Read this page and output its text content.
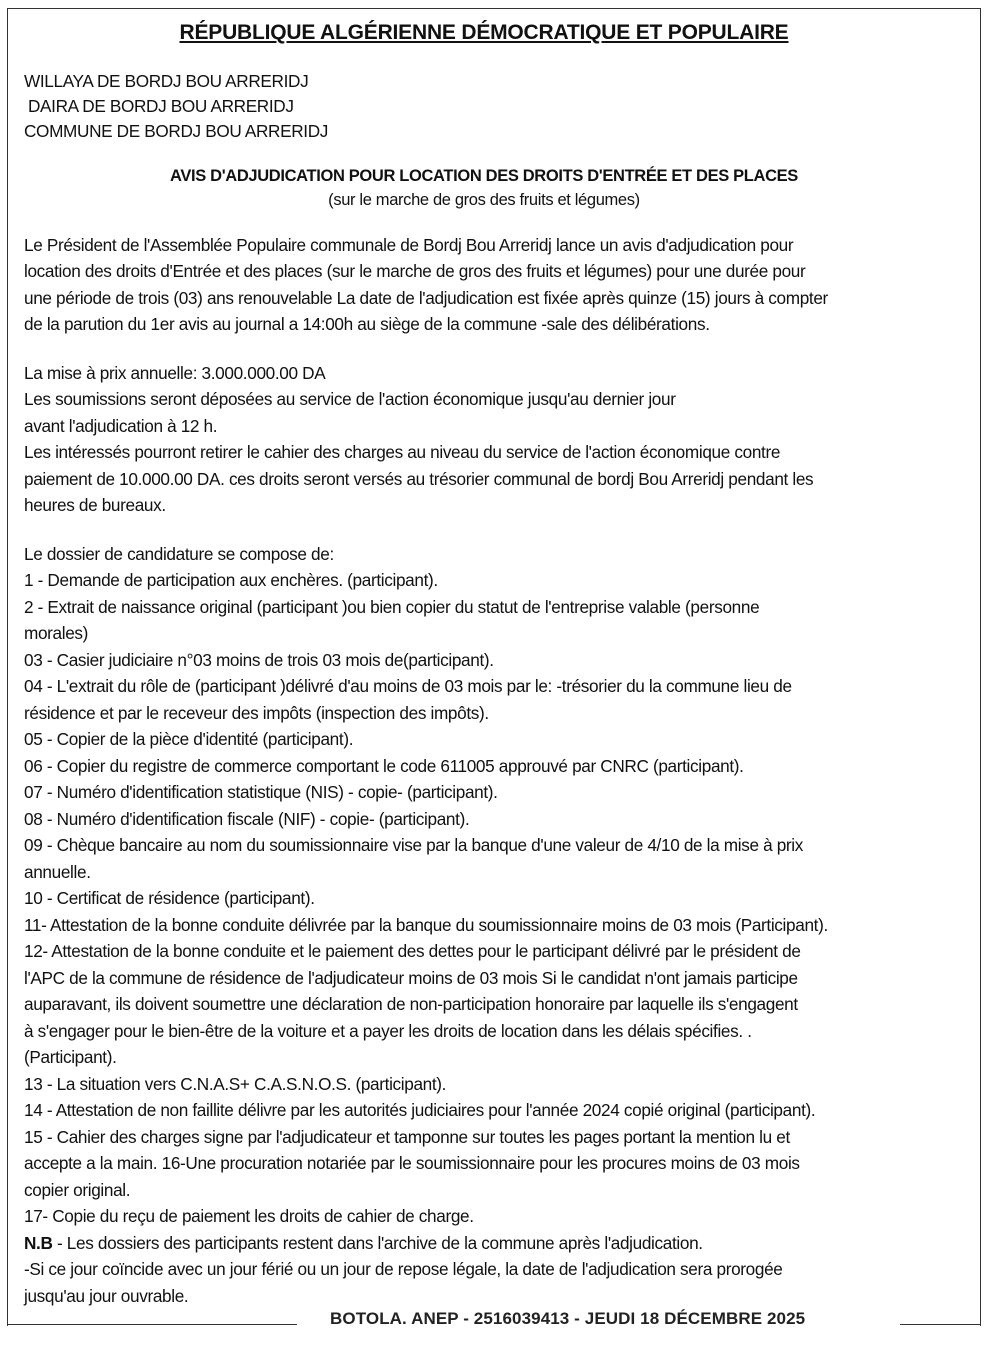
RÉPUBLIQUE ALGÉRIENNE DÉMOCRATIQUE ET POPULAIRE
WILLAYA DE BORDJ BOU ARRERIDJ
DAIRA DE BORDJ BOU ARRERIDJ
COMMUNE DE BORDJ BOU ARRERIDJ
AVIS D'ADJUDICATION POUR LOCATION DES DROITS D'ENTRÉE ET DES PLACES
(sur le marche de gros des fruits et légumes)
Le Président de l'Assemblée Populaire communale de Bordj Bou Arreridj lance un avis d'adjudication pour
location des droits d'Entrée et des places (sur le marche de gros des fruits et légumes) pour une durée pour
une période de trois (03) ans renouvelable La date de l'adjudication est fixée après quinze (15) jours à compter
de la parution du 1er avis au journal a 14:00h au siège de la commune -sale des délibérations.
La mise à prix annuelle: 3.000.000.00 DA
Les soumissions seront déposées au service de l'action économique jusqu'au dernier jour
avant l'adjudication à 12 h.
Les intéressés pourront retirer le cahier des charges au niveau du service de l'action économique contre
paiement de 10.000.00 DA. ces droits seront versés au trésorier communal de bordj Bou Arreridj pendant les
heures de bureaux.
Le dossier de candidature se compose de:
1 - Demande de participation aux enchères. (participant).
2 - Extrait de naissance original (participant )ou bien copier du statut de l'entreprise valable (personne
morales)
03 - Casier judiciaire n°03 moins de trois 03 mois de(participant).
04 - L'extrait du rôle de (participant )délivré d'au moins de 03 mois par le: -trésorier du la commune lieu de
résidence et par le receveur des impôts (inspection des impôts).
05 - Copier de la pièce d'identité (participant).
06 - Copier du registre de commerce comportant le code 611005 approuvé par CNRC (participant).
07 - Numéro d'identification statistique (NIS) - copie- (participant).
08 - Numéro d'identification fiscale (NIF) - copie- (participant).
09 - Chèque bancaire au nom du soumissionnaire vise par la banque d'une valeur de 4/10 de la mise à prix
annuelle.
10 - Certificat de résidence (participant).
11- Attestation de la bonne conduite délivrée par la banque du soumissionnaire moins de 03 mois (Participant).
12- Attestation de la bonne conduite et le paiement des dettes pour le participant délivré par le président de
l'APC de la commune de résidence de l'adjudicateur moins de 03 mois Si le candidat n'ont jamais participe
auparavant, ils doivent soumettre une déclaration de non-participation honoraire par laquelle ils s'engagent
à s'engager pour le bien-être de la voiture et a payer les droits de location dans les délais spécifies. .
(Participant).
13 - La situation vers C.N.A.S+ C.A.S.N.O.S. (participant).
14 - Attestation de non faillite délivre par les autorités judiciaires pour l'année 2024 copié original (participant).
15 - Cahier des charges signe par l'adjudicateur et tamponne sur toutes les pages portant la mention lu et
accepte a la main. 16-Une procuration notariée par le soumissionnaire pour les procures moins de 03 mois
copier original.
17- Copie du reçu de paiement les droits de cahier de charge.
N.B - Les dossiers des participants restent dans l'archive de la commune après l'adjudication.
-Si ce jour coïncide avec un jour férié ou un jour de repose légale, la date de l'adjudication sera prorogée
jusqu'au jour ouvrable.
BOTOLA. ANEP - 2516039413 - JEUDI 18 DÉCEMBRE 2025
